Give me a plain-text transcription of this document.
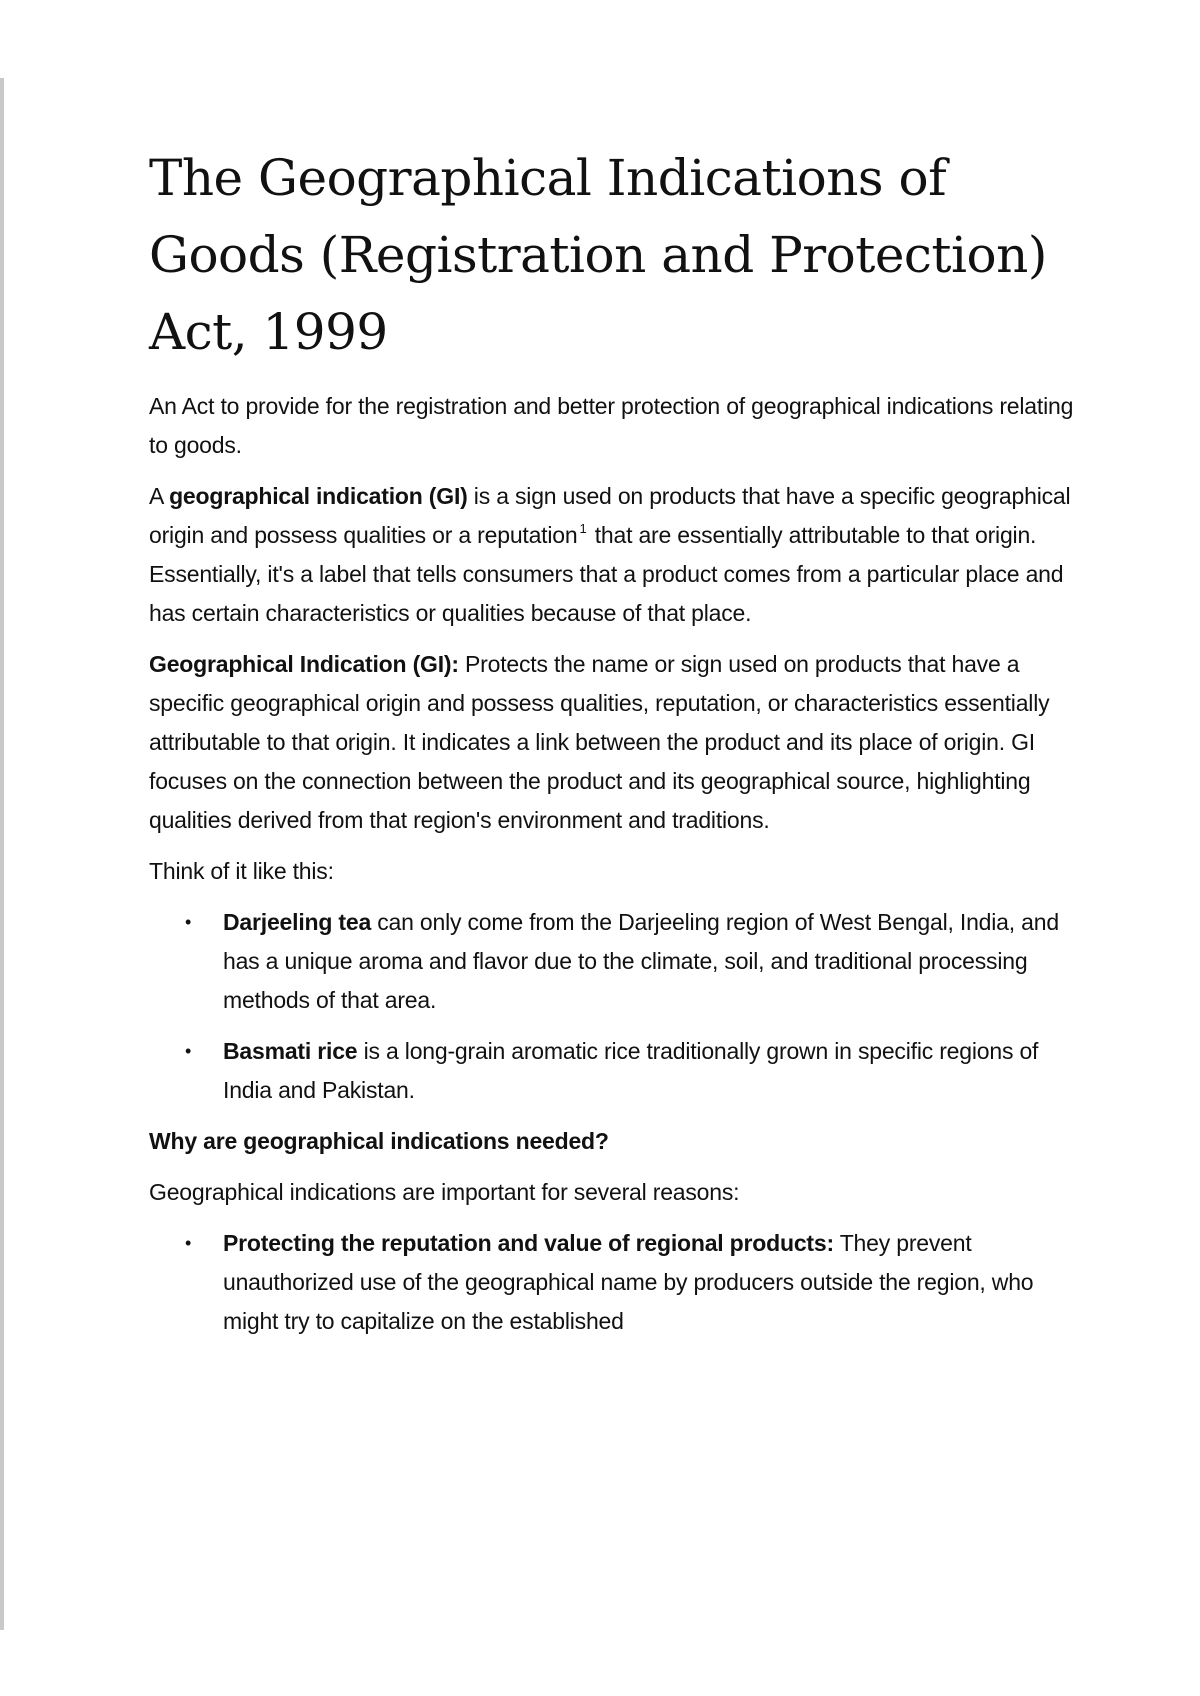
The Geographical Indications of Goods (Registration and Protection) Act, 1999

An Act to provide for the registration and better protection of geographical indications relating to goods.

A geographical indication (GI) is a sign used on products that have a specific geographical origin and possess qualities or a reputation $^1$ that are essentially attributable to that origin. Essentially, it's a label that tells consumers that a product comes from a particular place and has certain characteristics or qualities because of that place.

Geographical Indication (GI): Protects the name or sign used on products that have a specific geographical origin and possess qualities, reputation, or characteristics essentially attributable to that origin. It indicates a link between the product and its place of origin. GI focuses on the connection between the product and its geographical source, highlighting qualities derived from that region's environment and traditions.

Think of it like this:

• Darjeeling tea can only come from the Darjeeling region of West Bengal, India, and has a unique aroma and flavor due to the climate, soil, and traditional processing methods of that area.
• Basmati rice is a long-grain aromatic rice traditionally grown in specific regions of India and Pakistan.

Why are geographical indications needed?

Geographical indications are important for several reasons:

• Protecting the reputation and value of regional products: They prevent unauthorized use of the geographical name by producers outside the region, who might try to capitalize on the established
